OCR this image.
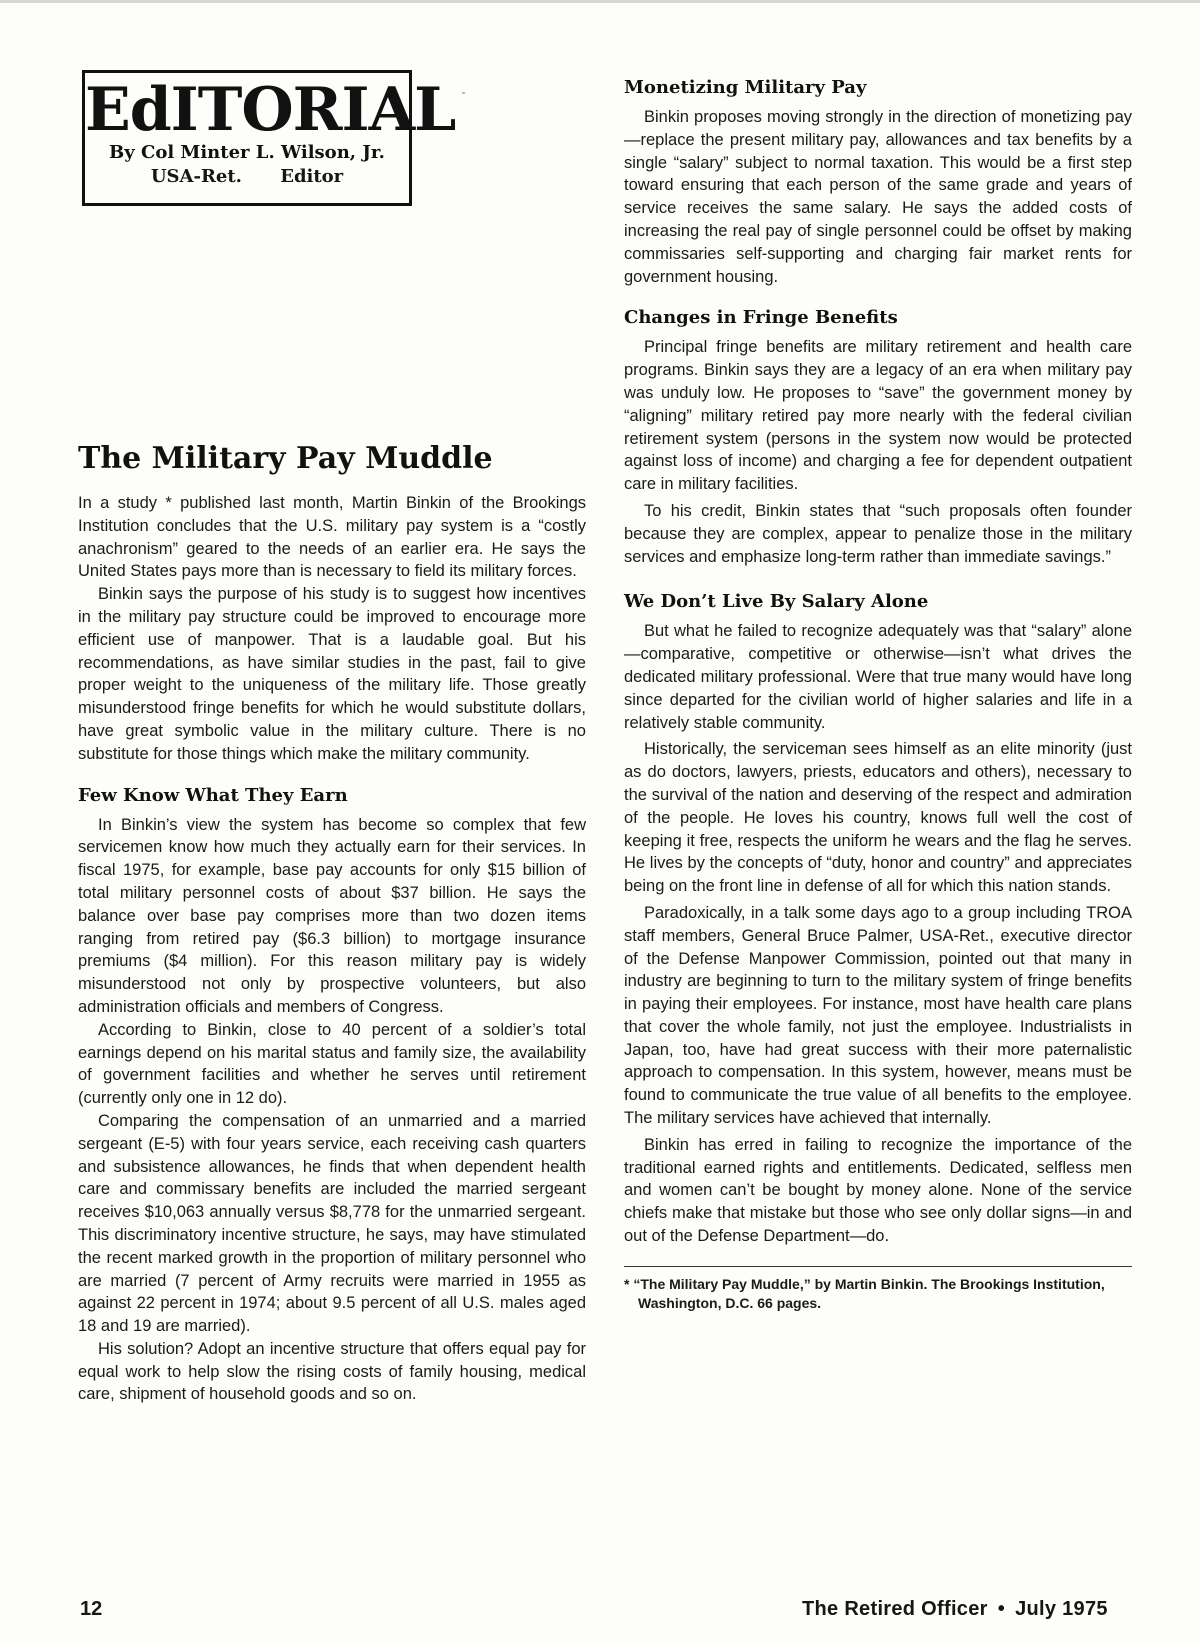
EdITORIAL
By Col Minter L. Wilson, Jr.
USA-Ret. Editor
The Military Pay Muddle

In a study * published last month, Martin Binkin of the Brookings Institution concludes that the U.S. military pay system is a “costly anachronism” geared to the needs of an earlier era. He says the United States pays more than is necessary to field its military forces.

Binkin says the purpose of his study is to suggest how incentives in the military pay structure could be improved to encourage more efficient use of manpower. That is a laudable goal. But his recommendations, as have similar studies in the past, fail to give proper weight to the uniqueness of the military life. Those greatly misunderstood fringe benefits for which he would substitute dollars, have great symbolic value in the military culture. There is no substitute for those things which make the military community.

Few Know What They Earn

In Binkin’s view the system has become so complex that few servicemen know how much they actually earn for their services. In fiscal 1975, for example, base pay accounts for only $15 billion of total military personnel costs of about $37 billion. He says the balance over base pay comprises more than two dozen items ranging from retired pay ($6.3 billion) to mortgage insurance premiums ($4 million). For this reason military pay is widely misunderstood not only by prospective volunteers, but also administration officials and members of Congress.

According to Binkin, close to 40 percent of a soldier’s total earnings depend on his marital status and family size, the availability of government facilities and whether he serves until retirement (currently only one in 12 do).

Comparing the compensation of an unmarried and a married sergeant (E-5) with four years service, each receiving cash quarters and subsistence allowances, he finds that when dependent health care and commissary benefits are included the married sergeant receives $10,063 annually versus $8,778 for the unmarried sergeant. This discriminatory incentive structure, he says, may have stimulated the recent marked growth in the proportion of military personnel who are married (7 percent of Army recruits were married in 1955 as against 22 percent in 1974; about 9.5 percent of all U.S. males aged 18 and 19 are married).

His solution? Adopt an incentive structure that offers equal pay for equal work to help slow the rising costs of family housing, medical care, shipment of household goods and so on.

Monetizing Military Pay

Binkin proposes moving strongly in the direction of monetizing pay—replace the present military pay, allowances and tax benefits by a single “salary” subject to normal taxation. This would be a first step toward ensuring that each person of the same grade and years of service receives the same salary. He says the added costs of increasing the real pay of single personnel could be offset by making commissaries self-supporting and charging fair market rents for government housing.

Changes in Fringe Benefits

Principal fringe benefits are military retirement and health care programs. Binkin says they are a legacy of an era when military pay was unduly low. He proposes to “save” the government money by “aligning” military retired pay more nearly with the federal civilian retirement system (persons in the system now would be protected against loss of income) and charging a fee for dependent outpatient care in military facilities.

To his credit, Binkin states that “such proposals often founder because they are complex, appear to penalize those in the military services and emphasize long-term rather than immediate savings.”

We Don’t Live By Salary Alone

But what he failed to recognize adequately was that “salary” alone—comparative, competitive or otherwise—isn’t what drives the dedicated military professional. Were that true many would have long since departed for the civilian world of higher salaries and life in a relatively stable community.

Historically, the serviceman sees himself as an elite minority (just as do doctors, lawyers, priests, educators and others), necessary to the survival of the nation and deserving of the respect and admiration of the people. He loves his country, knows full well the cost of keeping it free, respects the uniform he wears and the flag he serves. He lives by the concepts of “duty, honor and country” and appreciates being on the front line in defense of all for which this nation stands.

Paradoxically, in a talk some days ago to a group including TROA staff members, General Bruce Palmer, USA-Ret., executive director of the Defense Manpower Commission, pointed out that many in industry are beginning to turn to the military system of fringe benefits in paying their employees. For instance, most have health care plans that cover the whole family, not just the employee. Industrialists in Japan, too, have had great success with their more paternalistic approach to compensation. In this system, however, means must be found to communicate the true value of all benefits to the employee. The military services have achieved that internally.

Binkin has erred in failing to recognize the importance of the traditional earned rights and entitlements. Dedicated, selfless men and women can’t be bought by money alone. None of the service chiefs make that mistake but those who see only dollar signs—in and out of the Defense Department—do.

* “The Military Pay Muddle,” by Martin Binkin. The Brookings Institution, Washington, D.C. 66 pages.
12	The Retired Officer • July 1975
